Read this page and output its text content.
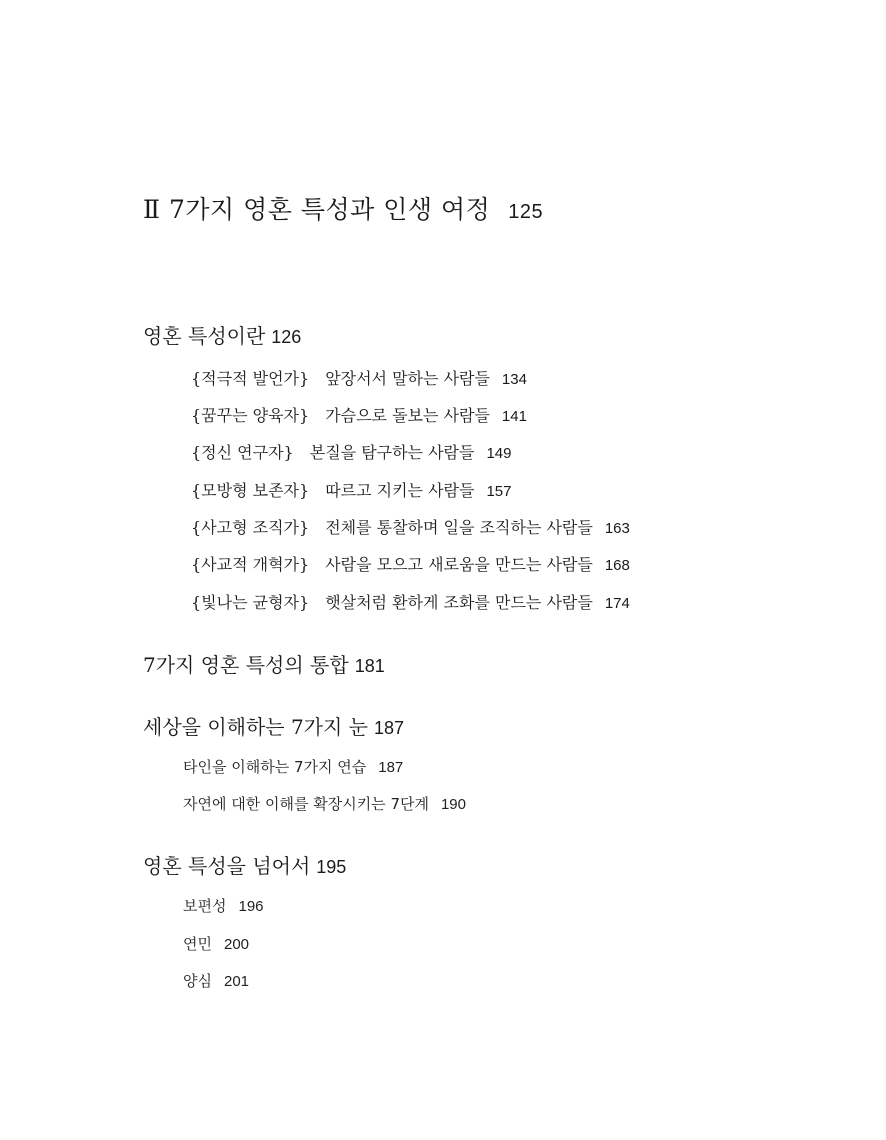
Ⅱ 7가지 영혼 특성과 인생 여정 125
영혼 특성이란 126
{적극적 발언가} 앞장서서 말하는 사람들 134
{꿈꾸는 양육자} 가슴으로 돌보는 사람들 141
{정신 연구자} 본질을 탐구하는 사람들 149
{모방형 보존자} 따르고 지키는 사람들 157
{사고형 조직가} 전체를 통찰하며 일을 조직하는 사람들 163
{사교적 개혁가} 사람을 모으고 새로움을 만드는 사람들 168
{빛나는 균형자} 햇살처럼 환하게 조화를 만드는 사람들 174
7가지 영혼 특성의 통합 181
세상을 이해하는 7가지 눈 187
타인을 이해하는 7가지 연습 187
자연에 대한 이해를 확장시키는 7단계 190
영혼 특성을 넘어서 195
보편성 196
연민 200
양심 201
